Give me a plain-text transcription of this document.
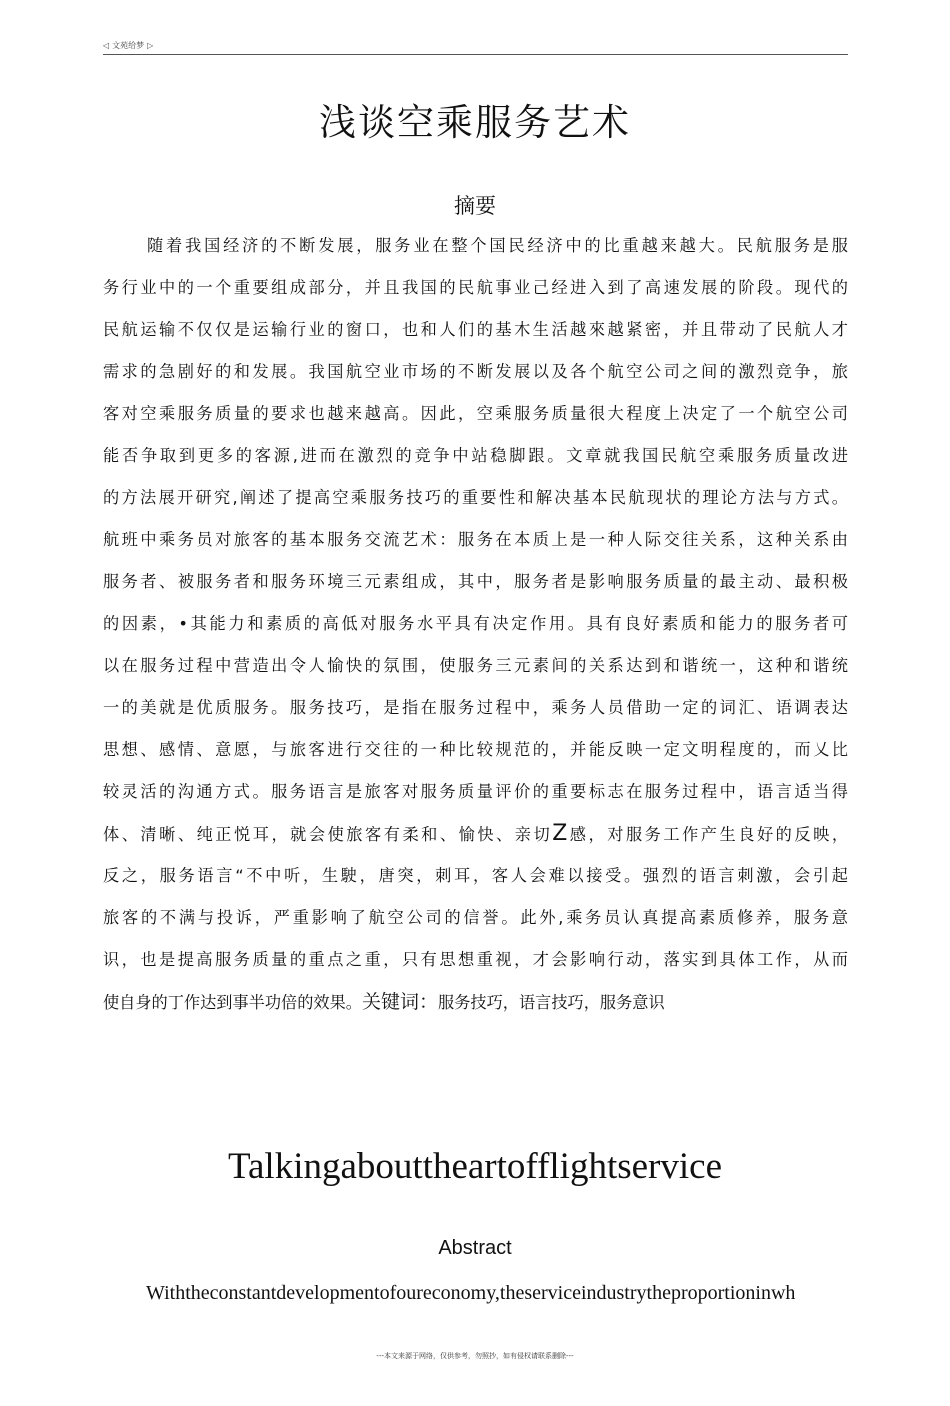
◁ 文苑给梦 ▷
浅谈空乘服务艺术
摘要
随着我国经济的不断发展，服务业在整个国民经济中的比重越来越大。民航服务是服
务行业中的一个重要组成部分，并且我国的民航事业己经进入到了高速发展的阶段。现代的
民航运输不仅仅是运输行业的窗口，也和人们的基木生活越來越紧密，并且带动了民航人才
需求的急剧好的和发展。我国航空业市场的不断发展以及各个航空公司之间的激烈竞争，旅
客对空乘服务质量的要求也越来越高。因此，空乘服务质量很大程度上决定了一个航空公司
能否争取到更多的客源,进而在激烈的竞争中站稳脚跟。文章就我国民航空乘服务质量改进
的方法展开研究,阐述了提高空乘服务技巧的重要性和解决基本民航现状的理论方法与方式。
航班中乘务员对旅客的基本服务交流艺术：服务在本质上是一种人际交往关系，这种关系由
服务者、被服务者和服务环境三元素组成，其中，服务者是影响服务质量的最主动、最积极
的因素，•其能力和素质的高低对服务水平具有决定作用。具有良好素质和能力的服务者可
以在服务过程中营造出令人愉快的氛围，使服务三元素间的关系达到和谐统一，这种和谐统
一的美就是优质服务。服务技巧，是指在服务过程中，乘务人员借助一定的词汇、语调表达
思想、感情、意愿，与旅客进行交往的一种比较规范的，并能反映一定文明程度的，而乂比
较灵活的沟通方式。服务语言是旅客对服务质量评价的重要标志在服务过程中，语言适当得
体、清晰、纯正悦耳，就会使旅客有柔和、愉快、亲切Z感，对服务工作产生良好的反映，
反之，服务语言“不中听，生駛，唐突，刺耳，客人会难以接受。强烈的语言刺激，会引起
旅客的不满与投诉，严重影响了航空公司的信誉。此外,乘务员认真提高素质修养，服务意
识，也是提高服务质量的重点之重，只有思想重视，才会影响行动，落实到具体工作，从而
使自身的丁作达到事半功倍的效果。关键词：服务技巧，语言技巧，服务意识
Talkingabouttheartofflightservice
Abstract
Withtheconstantdevelopmentofoureconomy,theserviceindustrytheproportioninwh
---本文来源于网络，仅供参考，勿照抄，如有侵权请联系删除---
